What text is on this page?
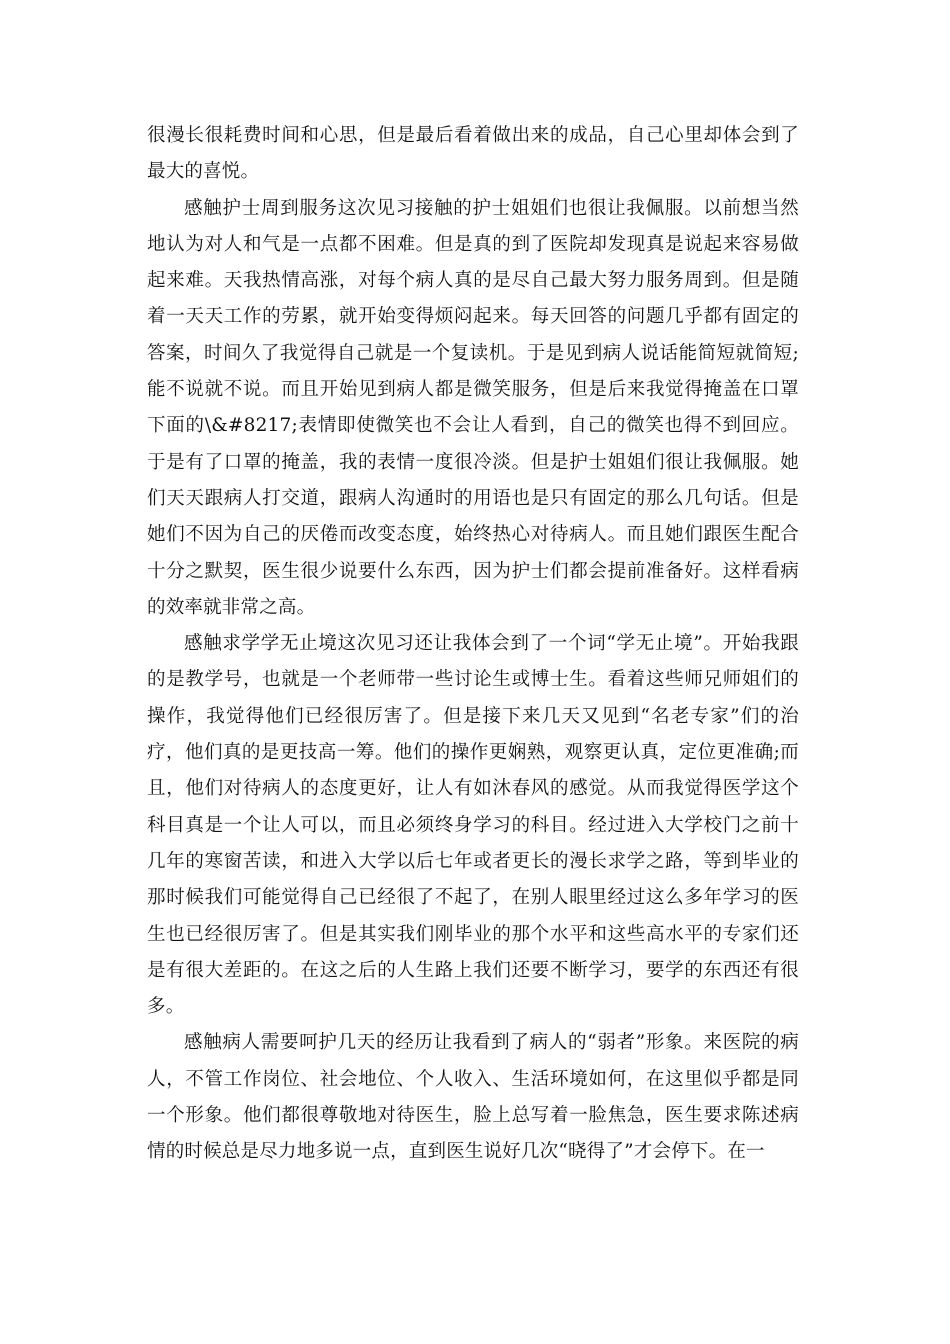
很漫长很耗费时间和心思，但是最后看着做出来的成品，自己心里却体会到了最大的喜悦。

感触护士周到服务这次见习接触的护士姐姐们也很让我佩服。以前想当然地认为对人和气是一点都不困难。但是真的到了医院却发现真是说起来容易做起来难。天我热情高涨，对每个病人真的是尽自己最大努力服务周到。但是随着一天天工作的劳累，就开始变得烦闷起来。每天回答的问题几乎都有固定的答案，时间久了我觉得自己就是一个复读机。于是见到病人说话能简短就简短;能不说就不说。而且开始见到病人都是微笑服务，但是后来我觉得掩盖在口罩下面的\&#8217;表情即使微笑也不会让人看到，自己的微笑也得不到回应。于是有了口罩的掩盖，我的表情一度很冷淡。但是护士姐姐们很让我佩服。她们天天跟病人打交道，跟病人沟通时的用语也是只有固定的那么几句话。但是她们不因为自己的厌倦而改变态度，始终热心对待病人。而且她们跟医生配合十分之默契，医生很少说要什么东西，因为护士们都会提前准备好。这样看病的效率就非常之高。

感触求学学无止境这次见习还让我体会到了一个词“学无止境”。开始我跟的是教学号，也就是一个老师带一些讨论生或博士生。看着这些师兄师姐们的操作，我觉得他们已经很厉害了。但是接下来几天又见到“名老专家”们的治疗，他们真的是更技高一筹。他们的操作更娴熟，观察更认真，定位更准确;而且，他们对待病人的态度更好，让人有如沐春风的感觉。从而我觉得医学这个科目真是一个让人可以，而且必须终身学习的科目。经过进入大学校门之前十几年的寒窗苦读，和进入大学以后七年或者更长的漫长求学之路，等到毕业的那时候我们可能觉得自己已经很了不起了，在别人眼里经过这么多年学习的医生也已经很厉害了。但是其实我们刚毕业的那个水平和这些高水平的专家们还是有很大差距的。在这之后的人生路上我们还要不断学习，要学的东西还有很多。

感触病人需要呵护几天的经历让我看到了病人的“弱者”形象。来医院的病人，不管工作岗位、社会地位、个人收入、生活环境如何，在这里似乎都是同一个形象。他们都很尊敬地对待医生，脸上总写着一脸焦急，医生要求陈述病情的时候总是尽力地多说一点，直到医生说好几次“晓得了”才会停下。在一
